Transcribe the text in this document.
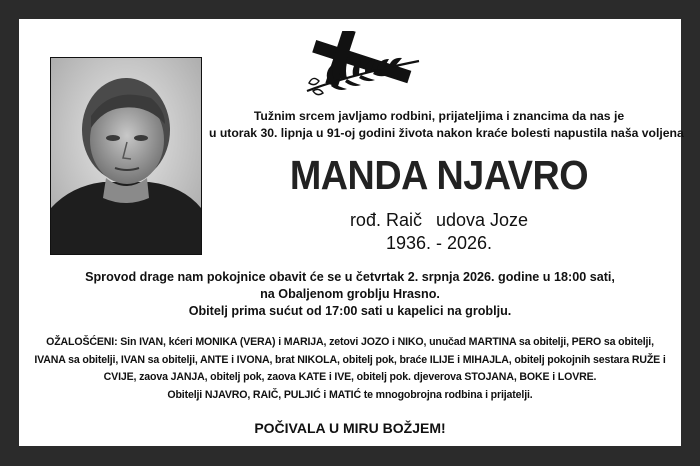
Tužnim srcem javljamo rodbini, prijateljima i znancima da nas je
u utorak 30. lipnja u 91-oj godini života nakon kraće bolesti napustila naša voljena
MANDA NJAVRO
rođ. Raič udova Joze
1936. - 2026.
Sprovod drage nam pokojnice obavit će se u četvrtak 2. srpnja 2026. godine u 18:00 sati,
na Obaljenom groblju Hrasno.
Obitelj prima sućut od 17:00 sati u kapelici na groblju.
OŽALOŠĆENI: Sin IVAN, kćeri MONIKA (VERA) i MARIJA, zetovi JOZO i NIKO, unučad MARTINA sa obitelji, PERO sa obitelji,
IVANA sa obitelji, IVAN sa obitelji, ANTE i IVONA, brat NIKOLA, obitelj pok, braće ILIJE i MIHAJLA, obitelj pokojnih sestara RUŽE i
CVIJE, zaova JANJA, obitelj pok, zaova KATE i IVE, obitelj pok. djeverova STOJANA, BOKE i LOVRE.
Obitelji NJAVRO, RAIČ, PULJIĆ i MATIĆ te mnogobrojna rodbina i prijatelji.
POČIVALA U MIRU BOŽJEM!
